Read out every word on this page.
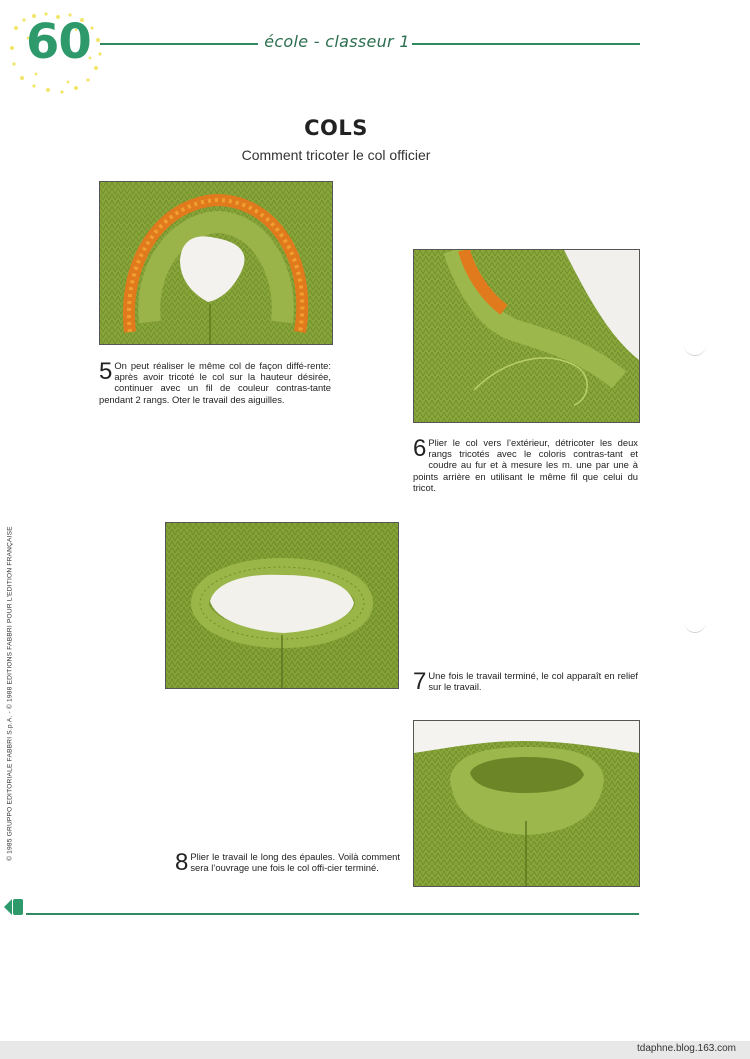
60	école - classeur 1
COLS
Comment tricoter le col officier
5 On peut réaliser le même col de façon diffé-rente: après avoir tricoté le col sur la hauteur désirée, continuer avec un fil de couleur contras-tante pendant 2 rangs. Oter le travail des aiguilles.
6 Plier le col vers l’extérieur, détricoter les deux rangs tricotés avec le coloris contras-tant et coudre au fur et à mesure les m. une par une à points arrière en utilisant le même fil que celui du tricot.
7 Une fois le travail terminé, le col apparaît en relief sur le travail.
8 Plier le travail le long des épaules. Voilà comment sera l’ouvrage une fois le col offi-cier terminé.
© 1985 GRUPPO EDITORIALE FABBRI S.p.A. - © 1988 EDITIONS FABBRI POUR L'EDITION FRANÇAISE
tdaphne.blog.163.com
